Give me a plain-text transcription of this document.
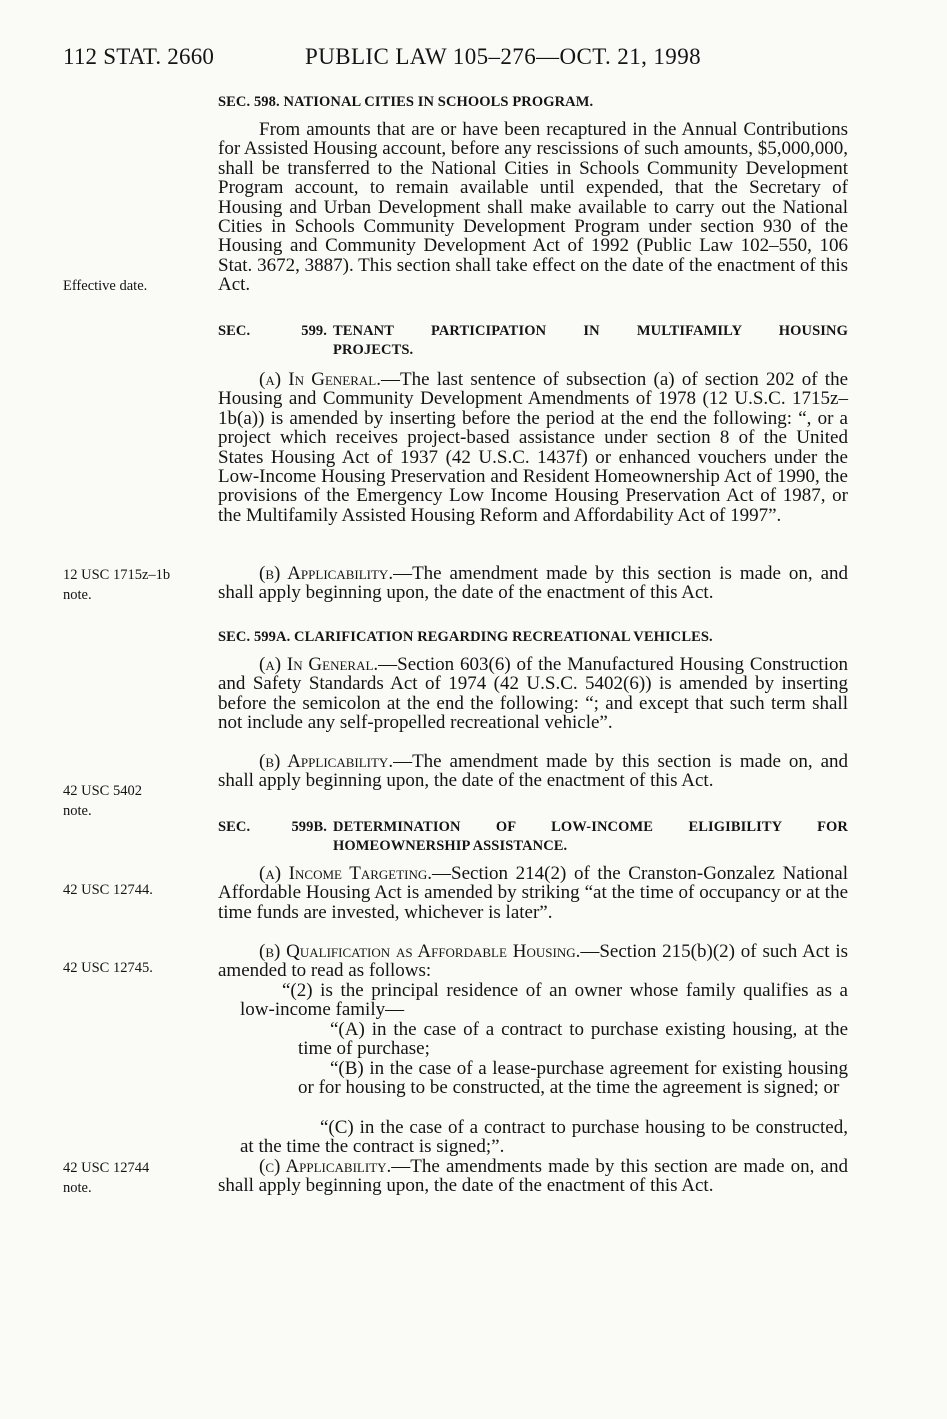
112 STAT. 2660	PUBLIC LAW 105–276—OCT. 21, 1998
Effective date.
12 USC 1715z–1b note.
42 USC 5402 note.
42 USC 12744.
42 USC 12745.
42 USC 12744 note.
SEC. 598. NATIONAL CITIES IN SCHOOLS PROGRAM.

From amounts that are or have been recaptured in the Annual Contributions for Assisted Housing account, before any rescissions of such amounts, $5,000,000, shall be transferred to the National Cities in Schools Community Development Program account, to remain available until expended, that the Secretary of Housing and Urban Development shall make available to carry out the National Cities in Schools Community Development Program under section 930 of the Housing and Community Development Act of 1992 (Public Law 102–550, 106 Stat. 3672, 3887). This section shall take effect on the date of the enactment of this Act.

SEC.	599. TENANT PARTICIPATION IN MULTIFAMILY HOUSING
PROJECTS.

(a) In General.—The last sentence of subsection (a) of section 202 of the Housing and Community Development Amendments of 1978 (12 U.S.C. 1715z–1b(a)) is amended by inserting before the period at the end the following: “, or a project which receives project-based assistance under section 8 of the United States Housing Act of 1937 (42 U.S.C. 1437f) or enhanced vouchers under the Low-Income Housing Preservation and Resident Homeownership Act of 1990, the provisions of the Emergency Low Income Housing Preservation Act of 1987, or the Multifamily Assisted Housing Reform and Affordability Act of 1997”.

(b) Applicability.—The amendment made by this section is made on, and shall apply beginning upon, the date of the enactment of this Act.

SEC. 599A. CLARIFICATION REGARDING RECREATIONAL VEHICLES.

(a) In General.—Section 603(6) of the Manufactured Housing Construction and Safety Standards Act of 1974 (42 U.S.C. 5402(6)) is amended by inserting before the semicolon at the end the following: “; and except that such term shall not include any self-propelled recreational vehicle”.

(b) Applicability.—The amendment made by this section is made on, and shall apply beginning upon, the date of the enactment of this Act.

SEC.	599B. DETERMINATION OF LOW-INCOME ELIGIBILITY FOR
HOMEOWNERSHIP ASSISTANCE.

(a) Income Targeting.—Section 214(2) of the Cranston-Gonzalez National Affordable Housing Act is amended by striking “at the time of occupancy or at the time funds are invested, whichever is later”.

(b) Qualification as Affordable Housing.—Section 215(b)(2) of such Act is amended to read as follows:

“(2) is the principal residence of an owner whose family qualifies as a low-income family—

“(A) in the case of a contract to purchase existing housing, at the time of purchase;

“(B) in the case of a lease-purchase agreement for existing housing or for housing to be constructed, at the time the agreement is signed; or

“(C) in the case of a contract to purchase housing to be constructed, at the time the contract is signed;”.

(c) Applicability.—The amendments made by this section are made on, and shall apply beginning upon, the date of the enactment of this Act.
